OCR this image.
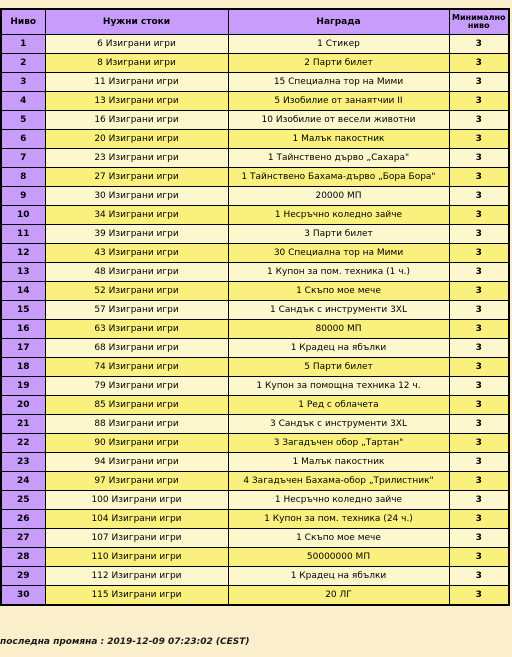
Ниво	Нужни стоки	Награда	Минимално ниво
1	6 Изиграни игри	1 Стикер	3
2	8 Изиграни игри	2 Парти билет	3
3	11 Изиграни игри	15 Специална тор на Мими	3
4	13 Изиграни игри	5 Изобилие от занаятчии II	3
5	16 Изиграни игри	10 Изобилие от весели животни	3
6	20 Изиграни игри	1 Малък пакостник	3
7	23 Изиграни игри	1 Тайнствено дърво „Сахара"	3
8	27 Изиграни игри	1 Тайнствено Бахама-дърво „Бора Бора"	3
9	30 Изиграни игри	20000 МП	3
10	34 Изиграни игри	1 Несръчно коледно зайче	3
11	39 Изиграни игри	3 Парти билет	3
12	43 Изиграни игри	30 Специална тор на Мими	3
13	48 Изиграни игри	1 Купон за пом. техника (1 ч.)	3
14	52 Изиграни игри	1 Скъпо мое мече	3
15	57 Изиграни игри	1 Сандък с инструменти 3XL	3
16	63 Изиграни игри	80000 МП	3
17	68 Изиграни игри	1 Крадец на ябълки	3
18	74 Изиграни игри	5 Парти билет	3
19	79 Изиграни игри	1 Купон за помощна техника 12 ч.	3
20	85 Изиграни игри	1 Ред с облачета	3
21	88 Изиграни игри	3 Сандък с инструменти 3XL	3
22	90 Изиграни игри	3 Загадъчен обор „Тартан"	3
23	94 Изиграни игри	1 Малък пакостник	3
24	97 Изиграни игри	4 Загадъчен Бахама-обор „Трилистник"	3
25	100 Изиграни игри	1 Несръчно коледно зайче	3
26	104 Изиграни игри	1 Купон за пом. техника (24 ч.)	3
27	107 Изиграни игри	1 Скъпо мое мече	3
28	110 Изиграни игри	50000000 МП	3
29	112 Изиграни игри	1 Крадец на ябълки	3
30	115 Изиграни игри	20 ЛГ	3
последна промяна : 2019-12-09 07:23:02 (CEST)
